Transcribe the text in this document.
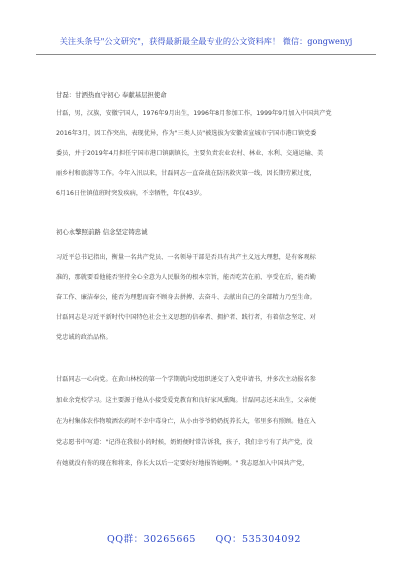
关注头条号"公文研究"，获得最新最全最专业的公文资料库！ 微信：gongwenyj
甘磊：甘洒热血守初心 奉献基层担使命
甘磊，男，汉族，安徽宁国人，1976年9月出生，1996年8月参加工作，1999年9月加入中国共产党
2016年3月，因工作突出、表现优异，作为"三类人员"被选拔为安徽省宣城市宁国市港口镇党委
委员，并于2019年4月担任宁国市港口镇副镇长，主要负责农业农村、林业、水利、交通运输、美
丽乡村和旅游等工作。今年入汛以来，甘磊同志一直奋战在防汛救灾第一线，因长期劳累过度，
6月16日住镇值班时突发疾病，不幸牺牲，年仅43岁。
初心永擎照前路 信念坚定铸忠诚
习近平总书记指出，衡量一名共产党员、一名领导干部是否具有共产主义远大理想，是有客观标
准的，那就要看他能否坚持全心全意为人民服务的根本宗旨，能否吃苦在前、享受在后，能否勤
奋工作、廉洁奉公，能否为理想而奋不顾身去拼搏、去奋斗、去献出自己的全部精力乃至生命。
甘磊同志是习近平新时代中国特色社会主义思想的信奉者、拥护者、践行者，有着信念坚定、对
党忠诚的政治品格。
甘磊同志一心向党。在黄山林校的第一个学期就向党组织递交了入党申请书，并多次主动报名参
加业余党校学习。这主要源于他从小接受爱党教育和良好家风熏陶。甘磊同志还未出生，父亲便
在为村集体农作物喷洒农药时不幸中毒身亡，从小由爷爷奶奶抚养长大，邻里多有照顾。他在入
党志愿书中写道："记得在我很小的时候，奶奶便时常告诉我，孩子，我们幸亏有了共产党，没
有她就没有你的现在和将来，你长大以后一定要好好地报答她啊。" 我志愿加入中国共产党，
QQ群：30265665 QQ：535304092
